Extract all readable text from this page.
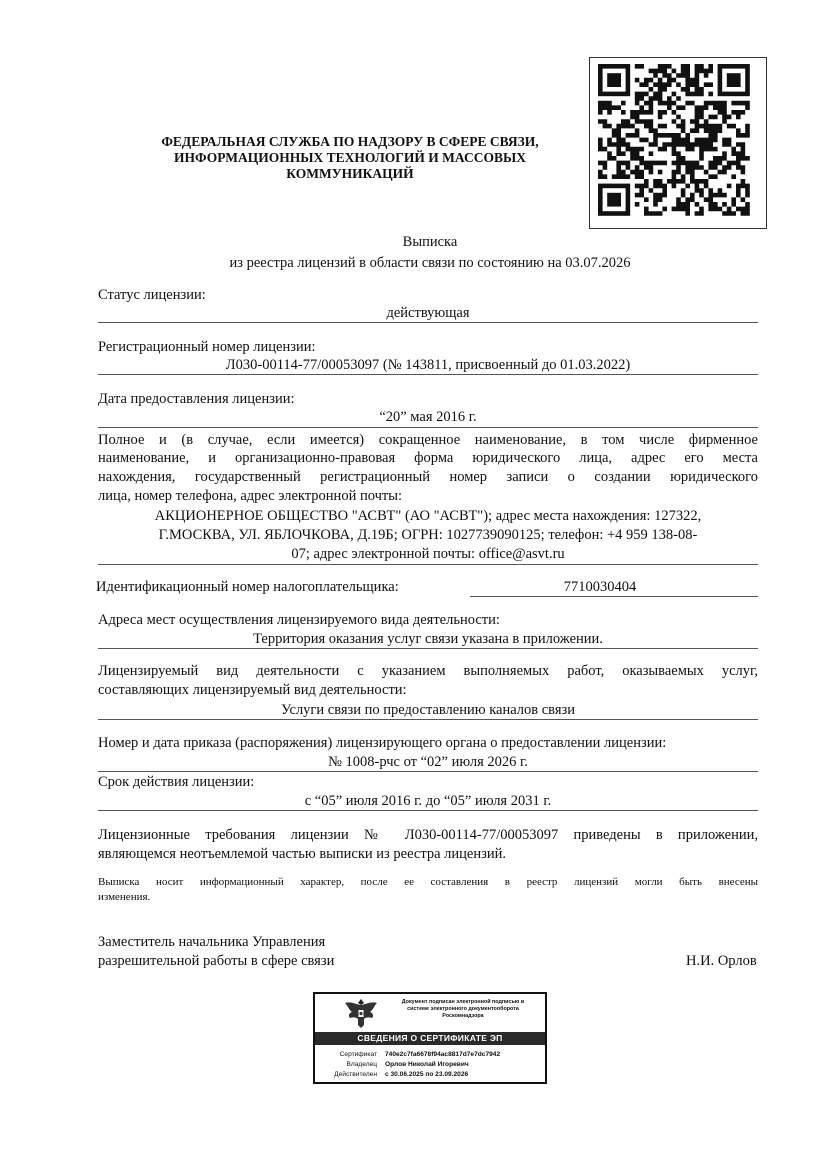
ФЕДЕРАЛЬНАЯ СЛУЖБА ПО НАДЗОРУ В СФЕРЕ СВЯЗИ,
ИНФОРМАЦИОННЫХ ТЕХНОЛОГИЙ И МАССОВЫХ
КОММУНИКАЦИЙ
Выписка
из реестра лицензий в области связи по состоянию на 03.07.2026
Статус лицензии:
действующая
Регистрационный номер лицензии:
Л030-00114-77/00053097 (№ 143811, присвоенный до 01.03.2022)
Дата предоставления лицензии:
“20” мая 2016 г.
Полное и (в случае, если имеется) сокращенное наименование, в том числе фирменное
наименование, и организационно-правовая форма юридического лица, адрес его места
нахождения, государственный регистрационный номер записи о создании юридического
лица, номер телефона, адрес электронной почты:
АКЦИОНЕРНОЕ ОБЩЕСТВО "АСВТ" (АО "АСВТ"); адрес места нахождения: 127322,
Г.МОСКВА, УЛ. ЯБЛОЧКОВА, Д.19Б; ОГРН: 1027739090125; телефон: +4 959 138-08-
07; адрес электронной почты: office@asvt.ru
Идентификационный номер налогоплательщика:	7710030404
Адреса мест осуществления лицензируемого вида деятельности:
Территория оказания услуг связи указана в приложении.
Лицензируемый вид деятельности с указанием выполняемых работ, оказываемых услуг,
составляющих лицензируемый вид деятельности:
Услуги связи по предоставлению каналов связи
Номер и дата приказа (распоряжения) лицензирующего органа о предоставлении лицензии:
№ 1008-рчс от “02” июля 2026 г.
Срок действия лицензии:
с “05” июля 2016 г. до “05” июля 2031 г.
Лицензионные требования лицензии № Л030-00114-77/00053097 приведены в приложении,
являющемся неотъемлемой частью выписки из реестра лицензий.
Выписка носит информационный характер, после ее составления в реестр лицензий могли быть внесены
изменения.
Заместитель начальника Управления
разрешительной работы в сфере связи	Н.И. Орлов
Документ подписан электронной подписью в
системе электронного документооборота
Роскомнадзора
СВЕДЕНИЯ О СЕРТИФИКАТЕ ЭП
Сертификат 740e2c7fa6678f94ac8817d7e7dc7942
Владелец Орлов Николай Игоревич
Действителен с 30.06.2025 по 23.09.2026
